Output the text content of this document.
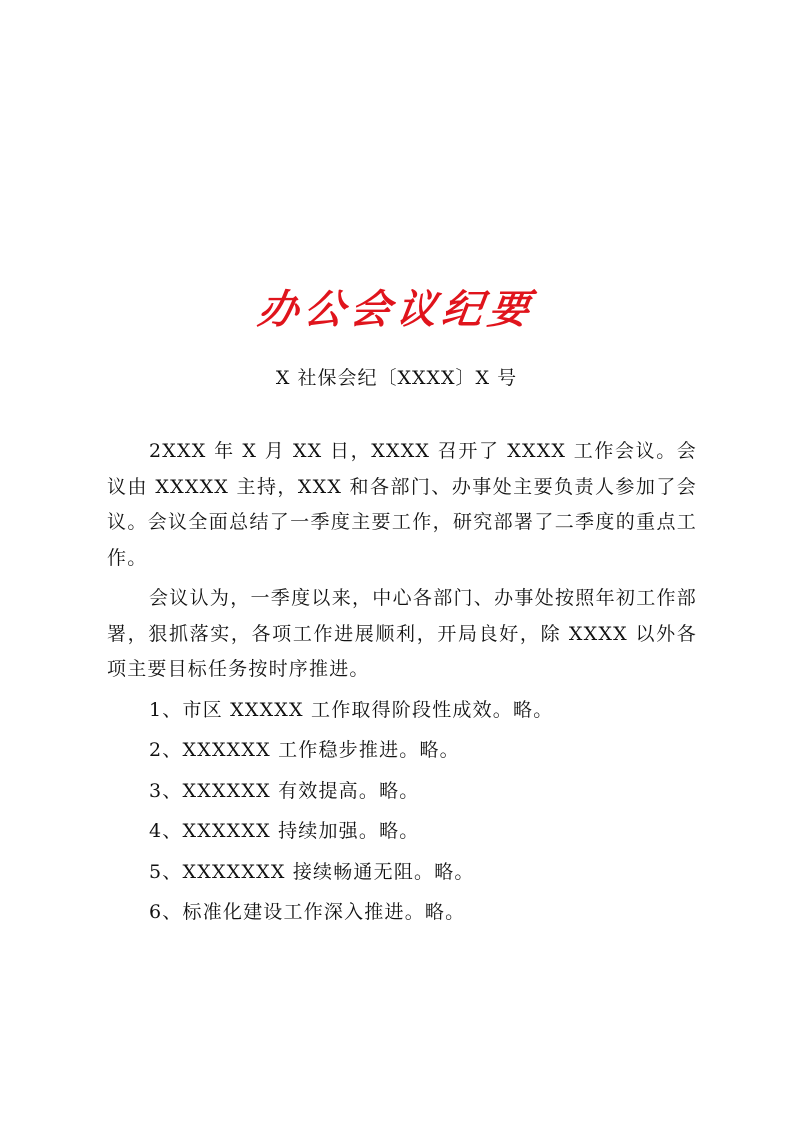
办公会议纪要
X 社保会纪〔XXXX〕X 号

2XXX 年 X 月 XX 日，XXXX 召开了 XXXX 工作会议。会议由 XXXXX 主持，XXX 和各部门、办事处主要负责人参加了会议。会议全面总结了一季度主要工作，研究部署了二季度的重点工作。

会议认为，一季度以来，中心各部门、办事处按照年初工作部署，狠抓落实，各项工作进展顺利，开局良好，除 XXXX 以外各项主要目标任务按时序推进。

1、市区 XXXXX 工作取得阶段性成效。略。

2、XXXXXX 工作稳步推进。略。

3、XXXXXX 有效提高。略。

4、XXXXXX 持续加强。略。

5、XXXXXXX 接续畅通无阻。略。

6、标准化建设工作深入推进。略。
